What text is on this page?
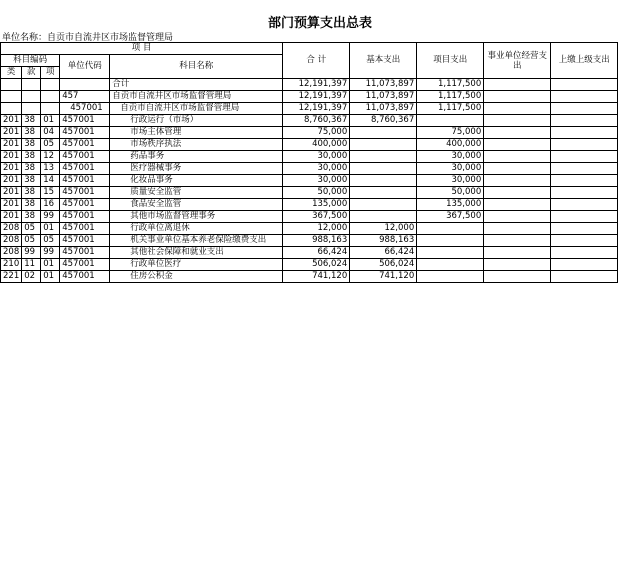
部门预算支出总表
单位名称：自贡市自流井区市场监督管理局
项 目					合 计	基本支出	项目支出	事业单位经营支出	上缴上级支出
科目编码			单位代码	科目名称					
类	款	项							
				合计	12,191,397	11,073,897	1,117,500		
			457	自贡市自流井区市场监督管理局	12,191,397	11,073,897	1,117,500		
			457001	自贡市自流井区市场监督管理局	12,191,397	11,073,897	1,117,500		
201	38	01	457001	行政运行（市场）	8,760,367	8,760,367			
201	38	04	457001	市场主体管理	75,000		75,000		
201	38	05	457001	市场秩序执法	400,000		400,000		
201	38	12	457001	药品事务	30,000		30,000		
201	38	13	457001	医疗器械事务	30,000		30,000		
201	38	14	457001	化妆品事务	30,000		30,000		
201	38	15	457001	质量安全监管	50,000		50,000		
201	38	16	457001	食品安全监管	135,000		135,000		
201	38	99	457001	其他市场监督管理事务	367,500		367,500		
208	05	01	457001	行政单位离退休	12,000	12,000			
208	05	05	457001	机关事业单位基本养老保险缴费支出	988,163	988,163			
208	99	99	457001	其他社会保障和就业支出	66,424	66,424			
210	11	01	457001	行政单位医疗	506,024	506,024			
221	02	01	457001	住房公积金	741,120	741,120			
